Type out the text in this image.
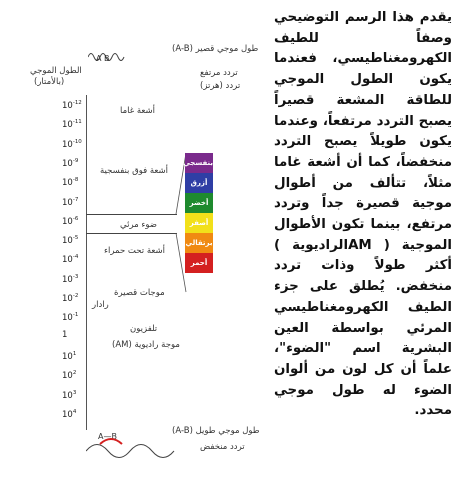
A B
الطول الموجي
(بالأمتار)
طول موجي قصير (A-B)
تردد مرتفع
تردد (هرتز)
$10^{-12}$
$10^{-11}$
$10^{-10}$
$10^{-9}$
$10^{-8}$
$10^{-7}$
$10^{-6}$
$10^{-5}$
$10^{-4}$
$10^{-3}$
$10^{-2}$
$10^{-1}$
1
$10^1$
$10^2$
$10^3$
$10^4$
أشعة غاما
أشعة فوق بنفسجية
ضوء مرئي
أشعة تحت حمراء
موجات قصيرة
رادار
تلفزيون
موجة راديوية (AM)
بنفسجي
أزرق
أخضر
أصفر
برتقالي
أحمر
A—B
طول موجي طويل (A-B)
تردد منخفض

يقدم هذا الرسم التوضيحي وصفاً للطيف الكهرومغناطيسي، فعندما يكون الطول الموجي للطاقة المشعة قصيراً يصبح التردد مرتفعاً، وعندما يكون طويلاً يصبح التردد منخفضاً، كما أن أشعة غاما مثلاً، تتألف من أطوال موجية قصيرة جداً وتردد مرتفع، بينما تكون الأطوال الموجية ( AMالراديوية ) أكثر طولاً وذات تردد منخفض. يُطلق على جزء الطيف الكهرومغناطيسي المرئي بواسطة العين البشرية اسم "الضوء"، علماً أن كل لون من ألوان الضوء له طول موجي محدد.
